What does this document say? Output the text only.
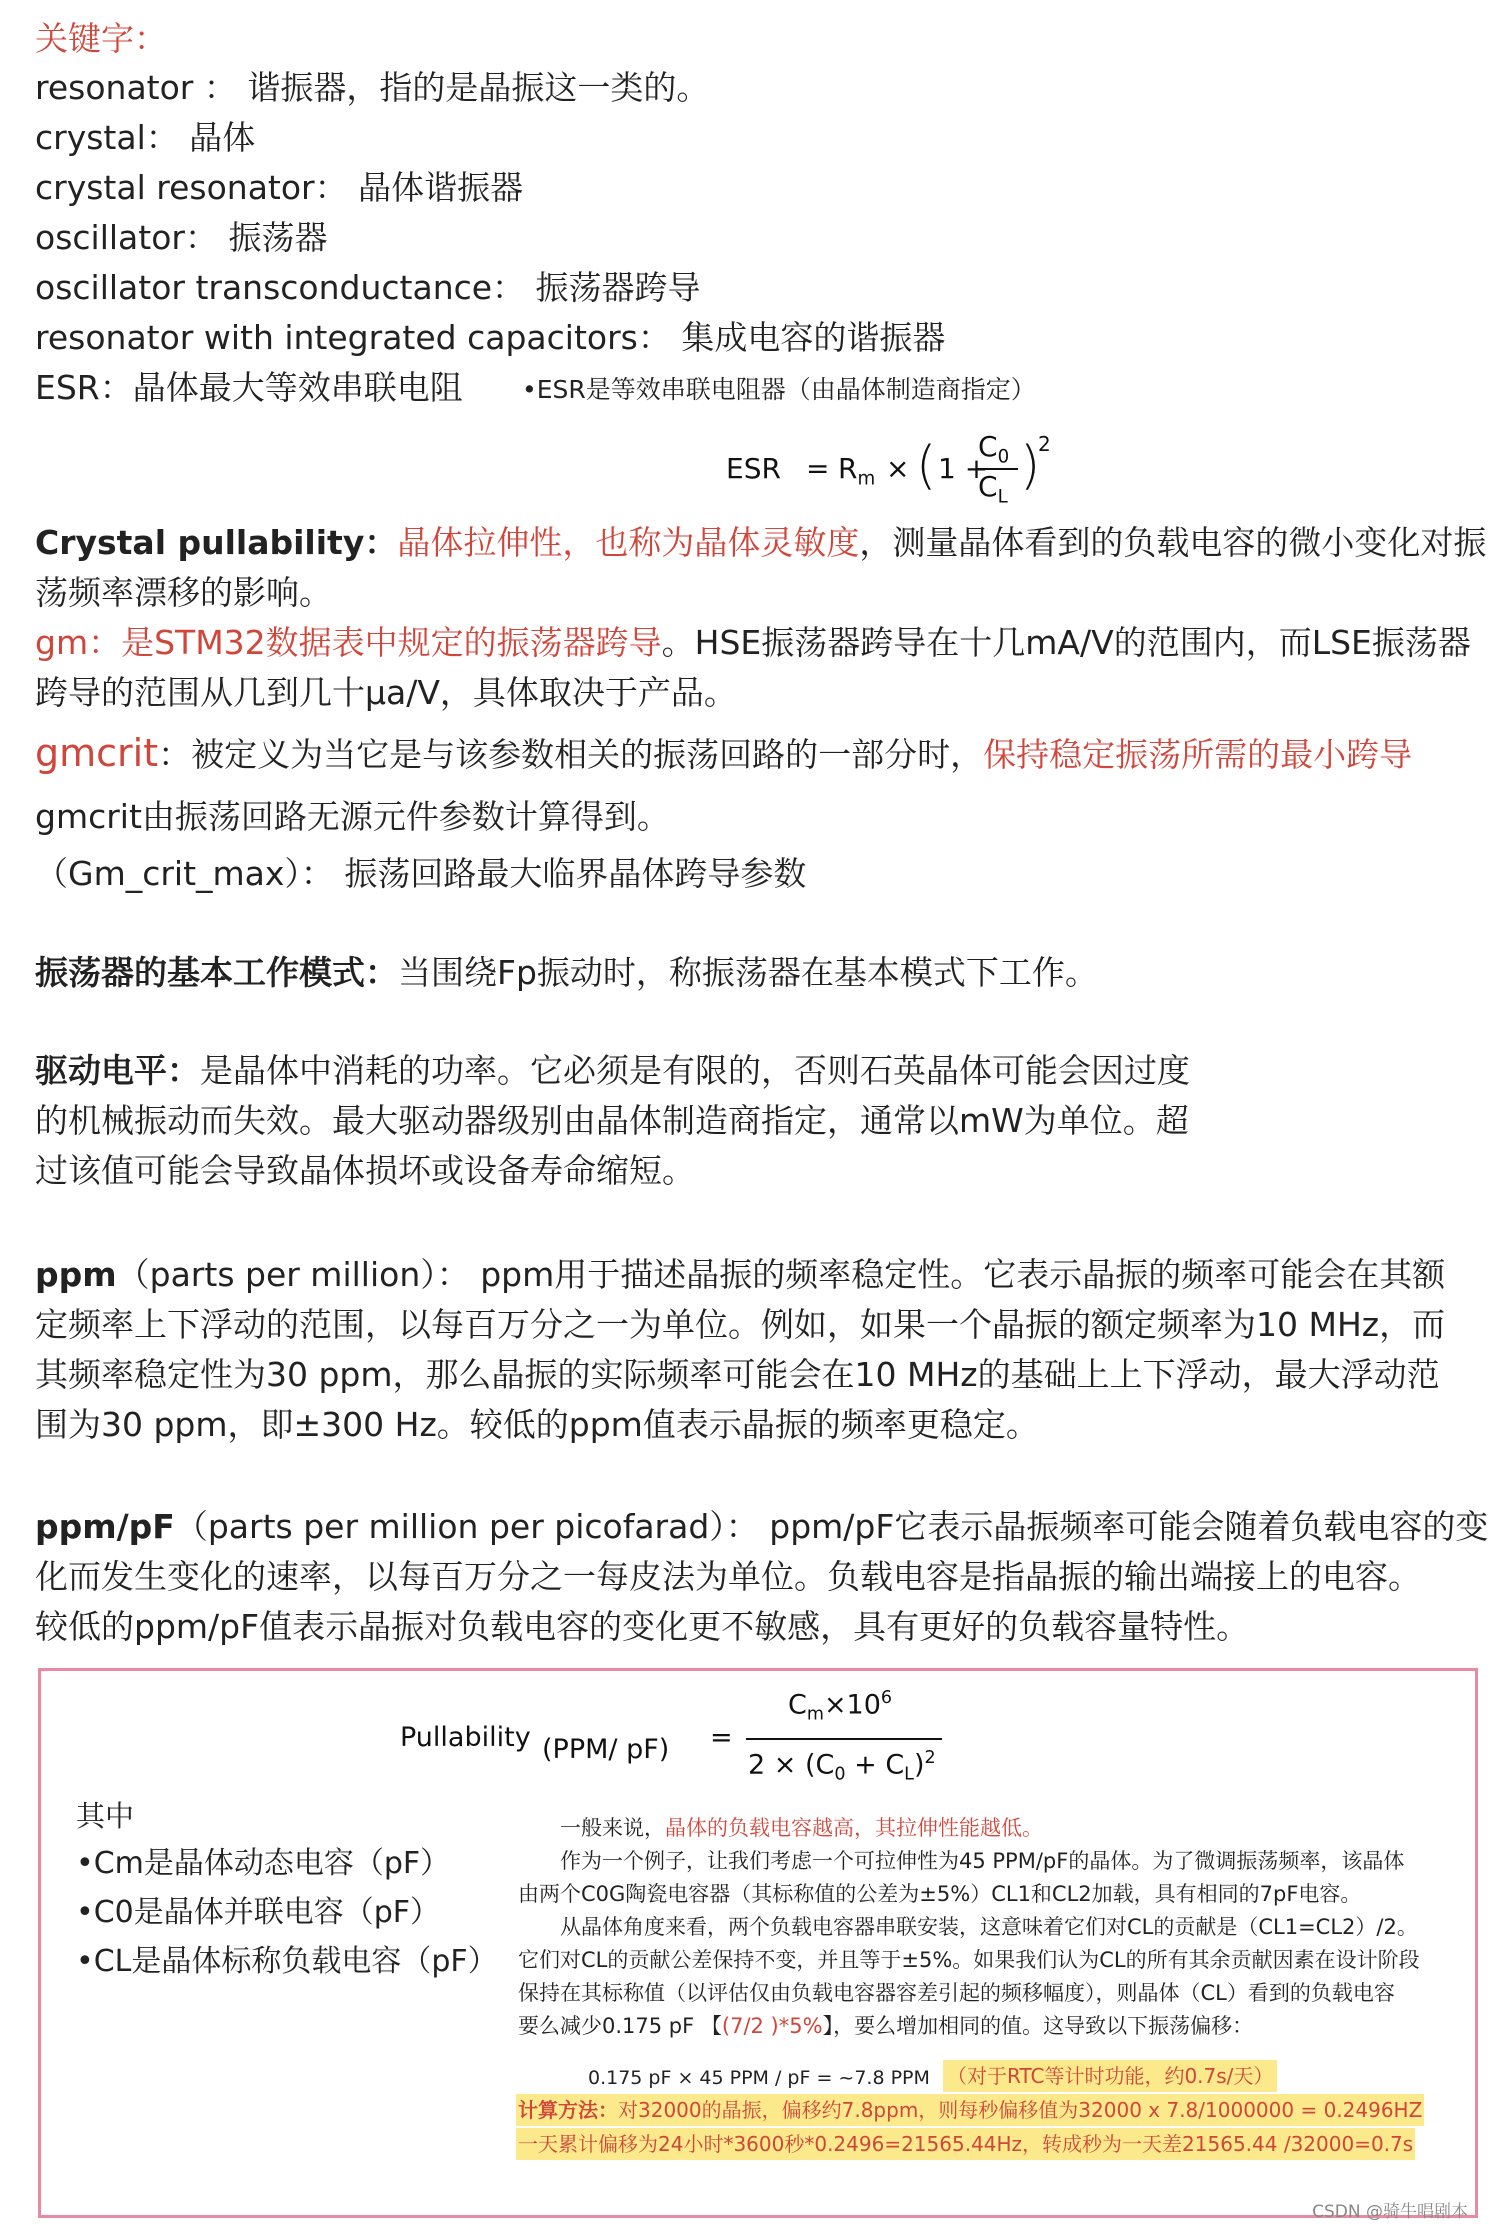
关键字：
resonator ： 谐振器，指的是晶振这一类的。
crystal： 晶体
crystal resonator： 晶体谐振器
oscillator： 振荡器
oscillator transconductance： 振荡器跨导
resonator with integrated capacitors： 集成电容的谐振器
ESR：晶体最大等效串联电阻 •ESR是等效串联电阻器（由晶体制造商指定）
ESR = $R_m$ × ( 1 +
$C_0$
$C_L$
)
2
Crystal pullability：晶体拉伸性，也称为晶体灵敏度，测量晶体看到的负载电容的微小变化对振
荡频率漂移的影响。
gm：是STM32数据表中规定的振荡器跨导。HSE振荡器跨导在十几mA/V的范围内，而LSE振荡器
跨导的范围从几到几十μa/V，具体取决于产品。
gmcrit：被定义为当它是与该参数相关的振荡回路的一部分时，保持稳定振荡所需的最小跨导
gmcrit由振荡回路无源元件参数计算得到。
（Gm_crit_max）： 振荡回路最大临界晶体跨导参数
振荡器的基本工作模式：当围绕Fp振动时，称振荡器在基本模式下工作。
驱动电平：是晶体中消耗的功率。它必须是有限的，否则石英晶体可能会因过度
的机械振动而失效。最大驱动器级别由晶体制造商指定，通常以mW为单位。超
过该值可能会导致晶体损坏或设备寿命缩短。
ppm（parts per million）： ppm用于描述晶振的频率稳定性。它表示晶振的频率可能会在其额
定频率上下浮动的范围，以每百万分之一为单位。例如，如果一个晶振的额定频率为10 MHz，而
其频率稳定性为30 ppm，那么晶振的实际频率可能会在10 MHz的基础上上下浮动，最大浮动范
围为30 ppm，即±300 Hz。较低的ppm值表示晶振的频率更稳定。
ppm/pF（parts per million per picofarad）： ppm/pF它表示晶振频率可能会随着负载电容的变
化而发生变化的速率，以每百万分之一每皮法为单位。负载电容是指晶振的输出端接上的电容。
较低的ppm/pF值表示晶振对负载电容的变化更不敏感，具有更好的负载容量特性。
Pullability (PPM/ pF) =
$C_m\times 10^6$
$2 \times (C_0 + C_L)^2$
其中
•Cm是晶体动态电容（pF）
•C0是晶体并联电容（pF）
•CL是晶体标称负载电容（pF）
一般来说，晶体的负载电容越高，其拉伸性能越低。
作为一个例子，让我们考虑一个可拉伸性为45 PPM/pF的晶体。为了微调振荡频率，该晶体
由两个C0G陶瓷电容器（其标称值的公差为±5%）CL1和CL2加载，具有相同的7pF电容。
从晶体角度来看，两个负载电容器串联安装，这意味着它们对CL的贡献是（CL1=CL2）/2。
它们对CL的贡献公差保持不变，并且等于±5%。如果我们认为CL的所有其余贡献因素在设计阶段
保持在其标称值（以评估仅由负载电容器容差引起的频移幅度），则晶体（CL）看到的负载电容
要么减少0.175 pF 【(7/2 )*5%】，要么增加相同的值。这导致以下振荡偏移：
0.175 pF × 45 PPM / pF = ~7.8 PPM （对于RTC等计时功能，约0.7s/天）
计算方法：对32000的晶振，偏移约7.8ppm，则每秒偏移值为32000 x 7.8/1000000 = 0.2496HZ
一天累计偏移为24小时*3600秒*0.2496=21565.44Hz，转成秒为一天差21565.44 /32000=0.7s
CSDN @骑牛唱剧本
